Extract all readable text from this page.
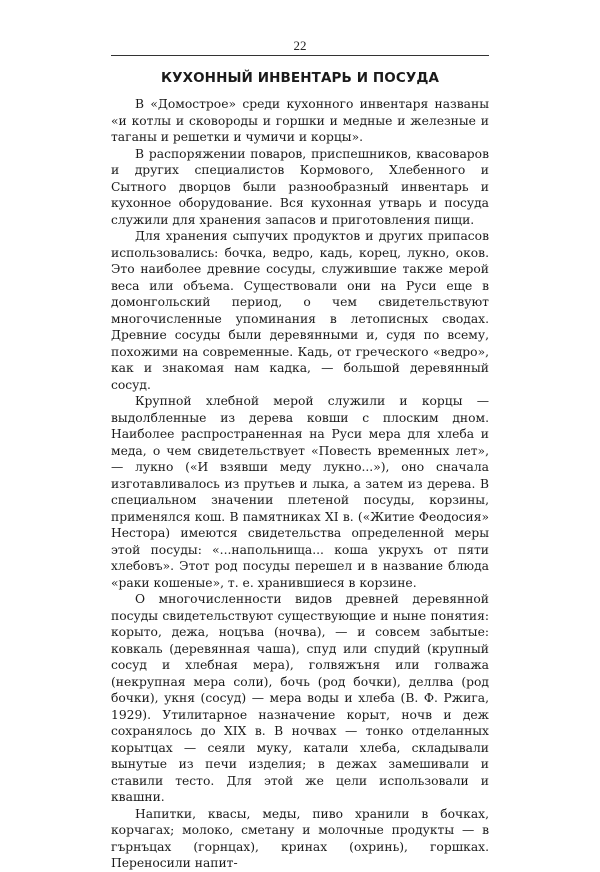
22
КУХОННЫЙ ИНВЕНТАРЬ И ПОСУДА

В «Домострое» среди кухонного инвентаря названы «и котлы и сковороды и горшки и медные и железные и таганы и решетки и чумичи и корцы».

В распоряжении поваров, приспешников, квасоваров и других специалистов Кормового, Хлебенного и Сытного дворцов были разнообразный инвентарь и кухонное оборудование. Вся кухонная утварь и посуда служили для хранения запасов и приготовления пищи.

Для хранения сыпучих продуктов и других припасов использовались: бочка, ведро, кадь, корец, лукно, оков. Это наиболее древние сосуды, служившие также мерой веса или объема. Существовали они на Руси еще в домонгольский период, о чем свидетельствуют многочисленные упоминания в летописных сводах. Древние сосуды были деревянными и, судя по всему, похожими на современные. Кадь, от греческого «ведро», как и знакомая нам кадка, — большой деревянный сосуд.

Крупной хлебной мерой служили и корцы — выдолбленные из дерева ковши с плоским дном. Наиболее распространенная на Руси мера для хлеба и меда, о чем свидетельствует «Повесть временных лет», — лукно («И взявши меду лукно...»), оно сначала изготавливалось из прутьев и лыка, а затем из дерева. В специальном значении плетеной посуды, корзины, применялся кош. В памятниках XI в. («Житие Феодосия» Нестора) имеются свидетельства определенной меры этой посуды: «...напольнища... коша укрухъ от пяти хлебовъ». Этот род посуды перешел и в название блюда «раки кошеные», т. е. хранившиеся в корзине.

О многочисленности видов древней деревянной посуды свидетельствуют существующие и ныне понятия: корыто, дежа, ноцъва (ночва), — и совсем забытые: ковкаль (деревянная чаша), спуд или спудий (крупный сосуд и хлебная мера), голвяжъня или голважа (некрупная мера соли), бочь (род бочки), деллва (род бочки), укня (сосуд) — мера воды и хлеба (В. Ф. Ржига, 1929). Утилитарное назначение корыт, ночв и деж сохранялось до XIX в. В ночвах — тонко отделанных корытцах — сеяли муку, катали хлеба, складывали вынутые из печи изделия; в дежах замешивали и ставили тесто. Для этой же цели использовали и квашни.

Напитки, квасы, меды, пиво хранили в бочках, корчагах; молоко, сметану и молочные продукты — в гърнъцах (горнцах), кринах (охринь), горшках. Переносили напит-
